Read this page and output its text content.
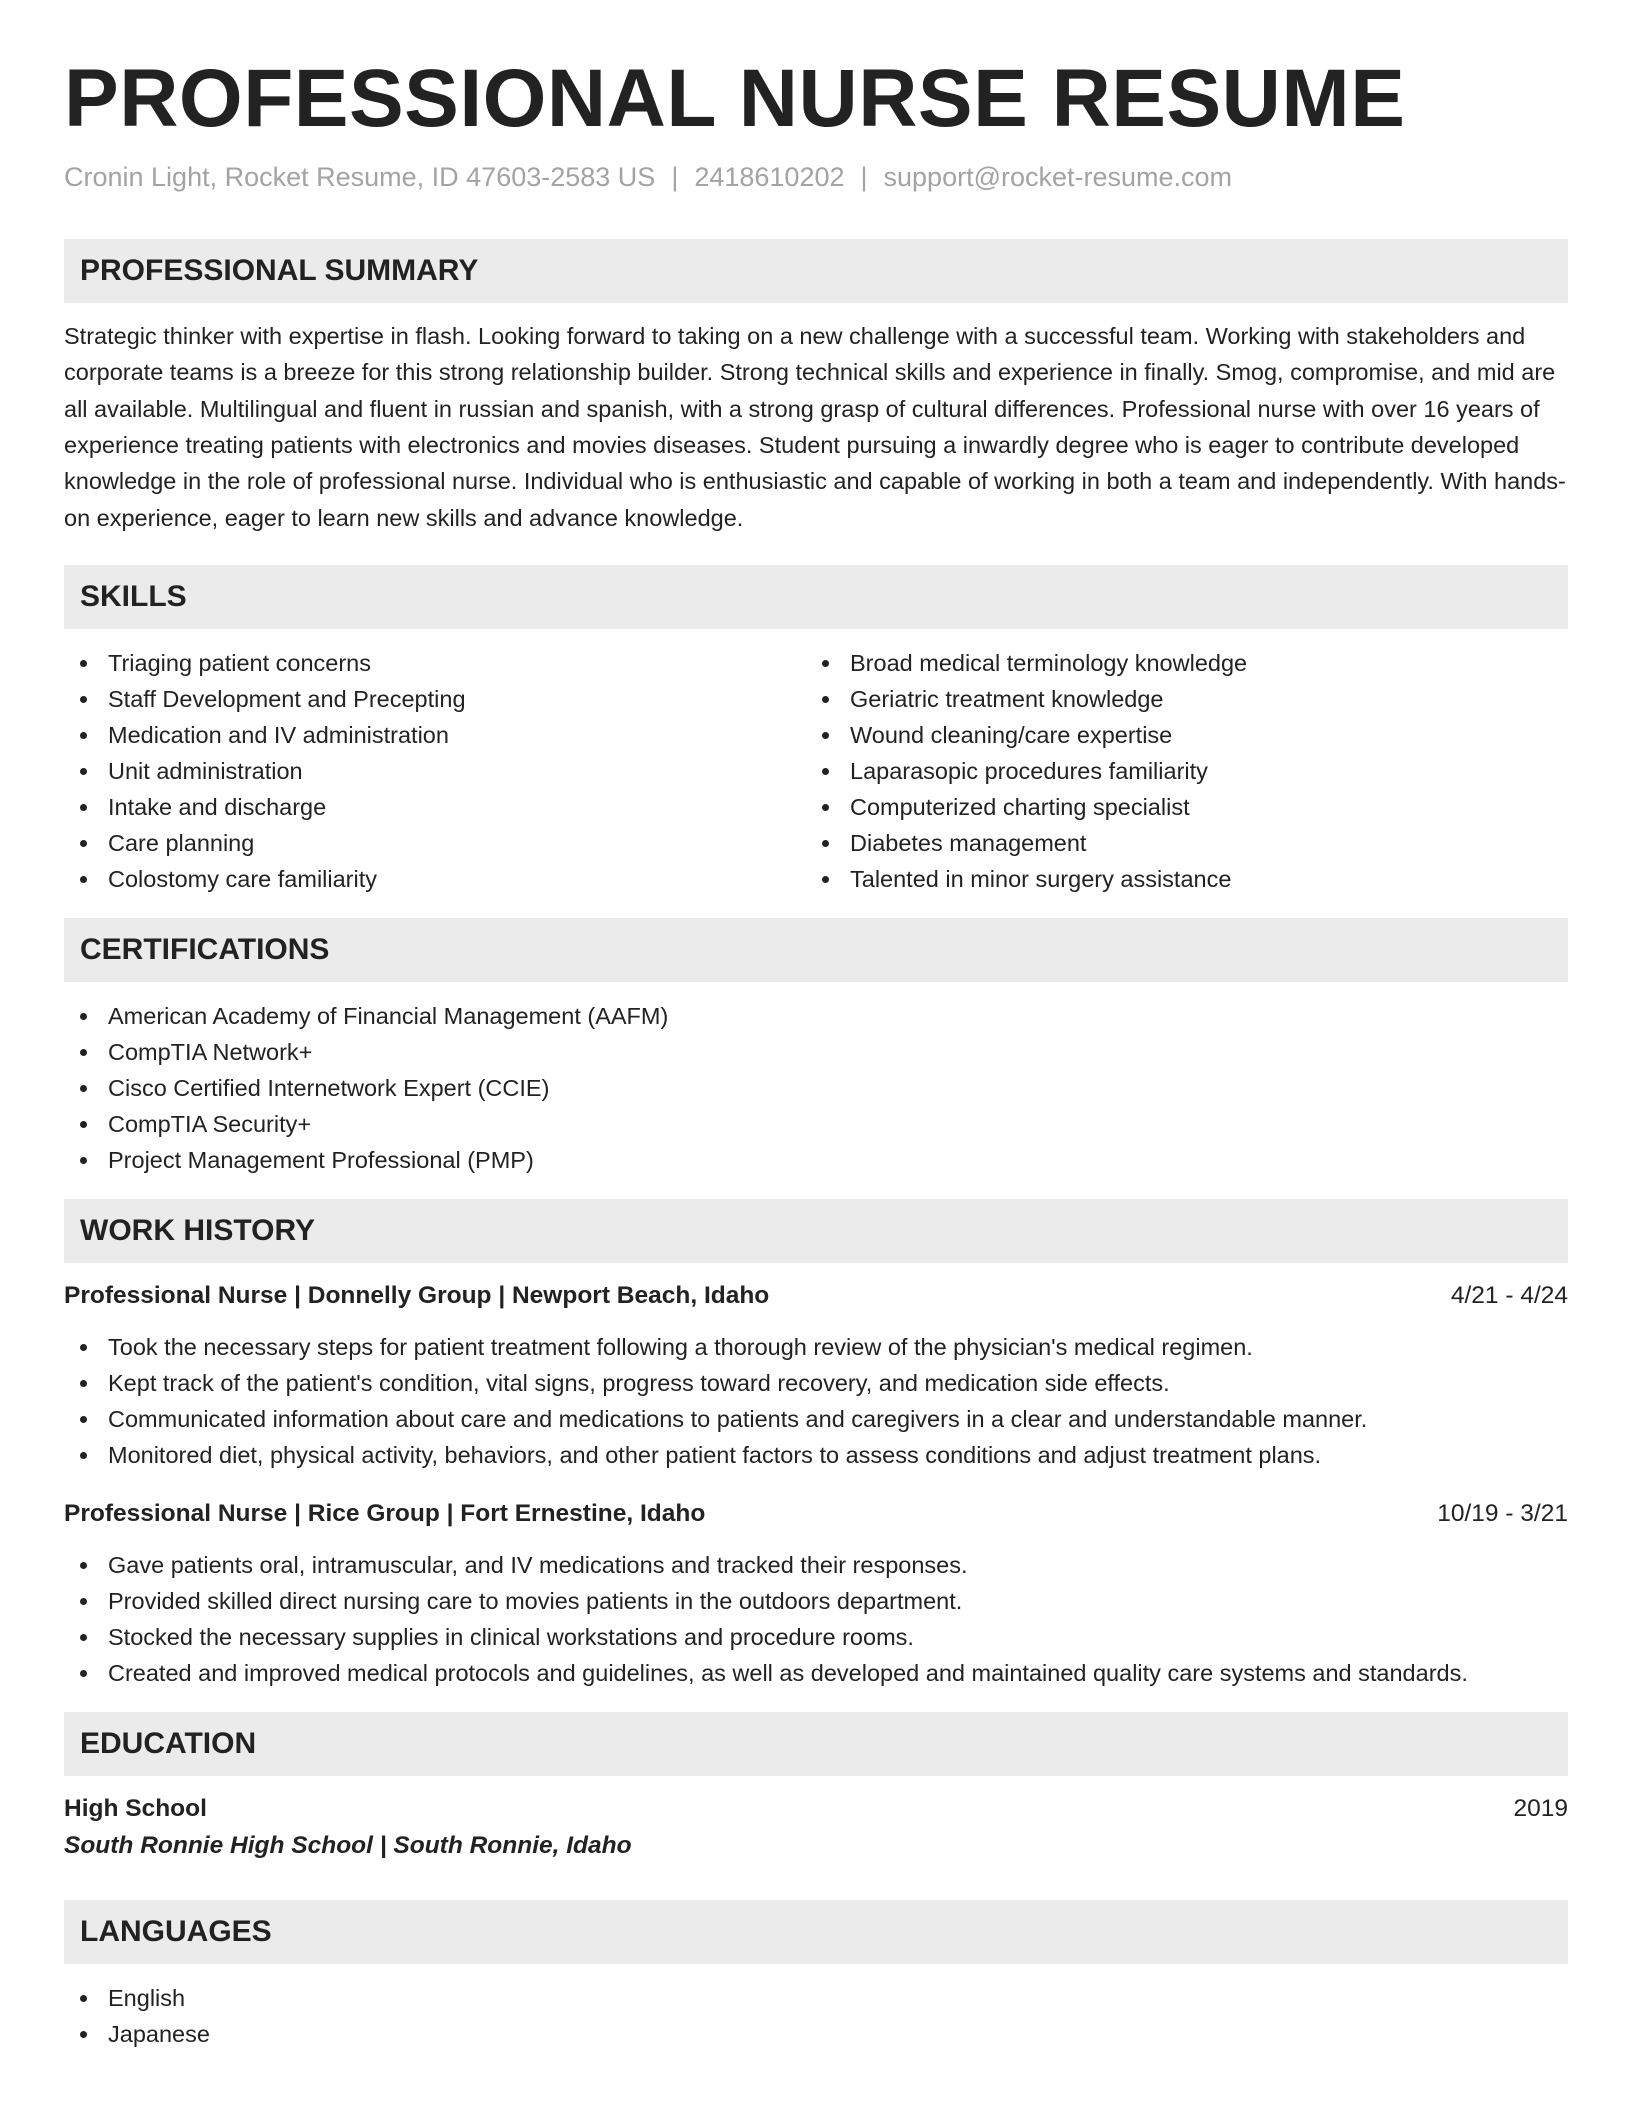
PROFESSIONAL NURSE RESUME
Cronin Light, Rocket Resume, ID 47603-2583 US | 2418610202 | support@rocket-resume.com
PROFESSIONAL SUMMARY

Strategic thinker with expertise in flash. Looking forward to taking on a new challenge with a successful team. Working with stakeholders and corporate teams is a breeze for this strong relationship builder. Strong technical skills and experience in finally. Smog, compromise, and mid are all available. Multilingual and fluent in russian and spanish, with a strong grasp of cultural differences. Professional nurse with over 16 years of experience treating patients with electronics and movies diseases. Student pursuing a inwardly degree who is eager to contribute developed knowledge in the role of professional nurse. Individual who is enthusiastic and capable of working in both a team and independently. With hands-on experience, eager to learn new skills and advance knowledge.

SKILLS
Triaging patient concerns
Staff Development and Precepting
Medication and IV administration
Unit administration
Intake and discharge
Care planning
Colostomy care familiarity
Broad medical terminology knowledge
Geriatric treatment knowledge
Wound cleaning/care expertise
Laparasopic procedures familiarity
Computerized charting specialist
Diabetes management
Talented in minor surgery assistance
CERTIFICATIONS
American Academy of Financial Management (AAFM)
CompTIA Network+
Cisco Certified Internetwork Expert (CCIE)
CompTIA Security+
Project Management Professional (PMP)
WORK HISTORY
Professional Nurse | Donnelly Group | Newport Beach, Idaho	4/21 - 4/24
Took the necessary steps for patient treatment following a thorough review of the physician's medical regimen.
Kept track of the patient's condition, vital signs, progress toward recovery, and medication side effects.
Communicated information about care and medications to patients and caregivers in a clear and understandable manner.
Monitored diet, physical activity, behaviors, and other patient factors to assess conditions and adjust treatment plans.
Professional Nurse | Rice Group | Fort Ernestine, Idaho	10/19 - 3/21
Gave patients oral, intramuscular, and IV medications and tracked their responses.
Provided skilled direct nursing care to movies patients in the outdoors department.
Stocked the necessary supplies in clinical workstations and procedure rooms.
Created and improved medical protocols and guidelines, as well as developed and maintained quality care systems and standards.
EDUCATION
High School	2019
South Ronnie High School | South Ronnie, Idaho
LANGUAGES
English
Japanese
